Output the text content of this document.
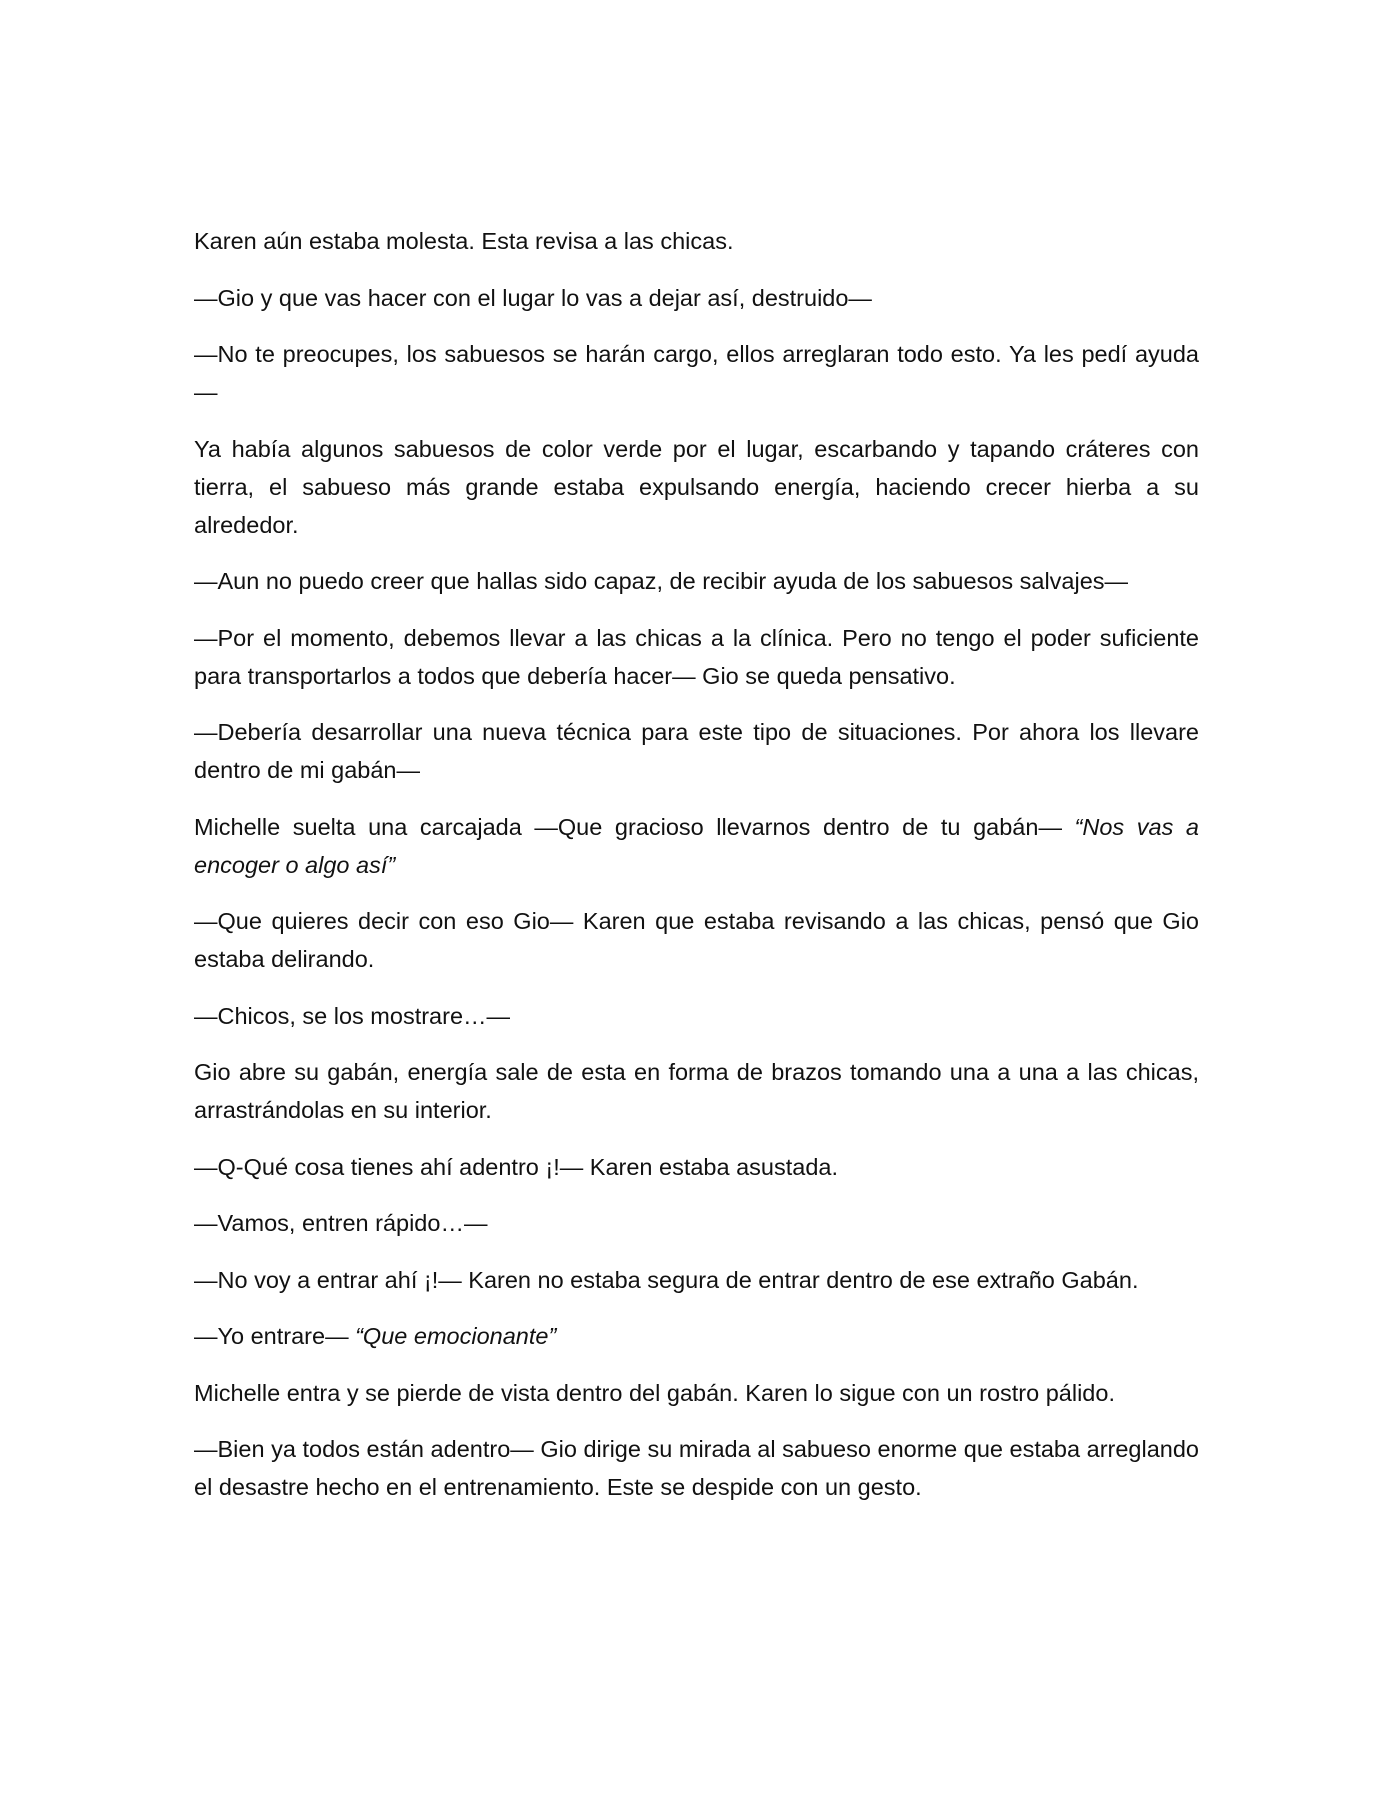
Karen aún estaba molesta. Esta revisa a las chicas.

—Gio y que vas hacer con el lugar lo vas a dejar así, destruido—

—No te preocupes, los sabuesos se harán cargo, ellos arreglaran todo esto. Ya les pedí ayuda—

Ya había algunos sabuesos de color verde por el lugar, escarbando y tapando cráteres con tierra, el sabueso más grande estaba expulsando energía, haciendo crecer hierba a su alrededor.

—Aun no puedo creer que hallas sido capaz, de recibir ayuda de los sabuesos salvajes—

—Por el momento, debemos llevar a las chicas a la clínica. Pero no tengo el poder suficiente para transportarlos a todos que debería hacer— Gio se queda pensativo.

—Debería desarrollar una nueva técnica para este tipo de situaciones. Por ahora los llevare dentro de mi gabán—

Michelle suelta una carcajada —Que gracioso llevarnos dentro de tu gabán— “Nos vas a encoger o algo así”

—Que quieres decir con eso Gio— Karen que estaba revisando a las chicas, pensó que Gio estaba delirando.

—Chicos, se los mostrare…—

Gio abre su gabán, energía sale de esta en forma de brazos tomando una a una a las chicas, arrastrándolas en su interior.

—Q-Qué cosa tienes ahí adentro ¡!— Karen estaba asustada.

—Vamos, entren rápido…—

—No voy a entrar ahí ¡!— Karen no estaba segura de entrar dentro de ese extraño Gabán.

—Yo entrare— “Que emocionante”

Michelle entra y se pierde de vista dentro del gabán. Karen lo sigue con un rostro pálido.

—Bien ya todos están adentro— Gio dirige su mirada al sabueso enorme que estaba arreglando el desastre hecho en el entrenamiento. Este se despide con un gesto.
